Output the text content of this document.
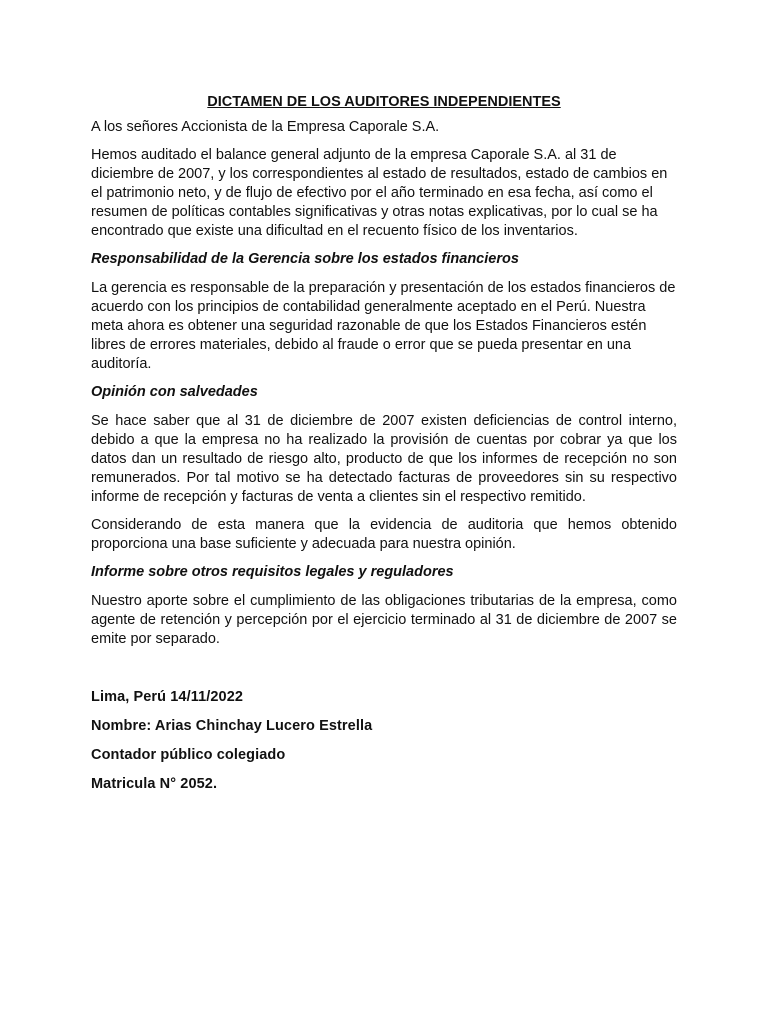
DICTAMEN DE LOS AUDITORES INDEPENDIENTES

A los señores Accionista de la Empresa Caporale S.A.

Hemos auditado el balance general adjunto de la empresa Caporale S.A. al 31 de diciembre de 2007, y los correspondientes al estado de resultados, estado de cambios en el patrimonio neto, y de flujo de efectivo por el año terminado en esa fecha, así como el resumen de políticas contables significativas y otras notas explicativas, por lo cual se ha encontrado que existe una dificultad en el recuento físico de los inventarios.

Responsabilidad de la Gerencia sobre los estados financieros

La gerencia es responsable de la preparación y presentación de los estados financieros de acuerdo con los principios de contabilidad generalmente aceptado en el Perú. Nuestra meta ahora es obtener una seguridad razonable de que los Estados Financieros estén libres de errores materiales, debido al fraude o error que se pueda presentar en una auditoría.

Opinión con salvedades

Se hace saber que al 31 de diciembre de 2007 existen deficiencias de control interno, debido a que la empresa no ha realizado la provisión de cuentas por cobrar ya que los datos dan un resultado de riesgo alto, producto de que los informes de recepción no son remunerados. Por tal motivo se ha detectado facturas de proveedores sin su respectivo informe de recepción y facturas de venta a clientes sin el respectivo remitido.

Considerando de esta manera que la evidencia de auditoria que hemos obtenido proporciona una base suficiente y adecuada para nuestra opinión.

Informe sobre otros requisitos legales y reguladores

Nuestro aporte sobre el cumplimiento de las obligaciones tributarias de la empresa, como agente de retención y percepción por el ejercicio terminado al 31 de diciembre de 2007 se emite por separado.

Lima, Perú 14/11/2022
Nombre: Arias Chinchay Lucero Estrella
Contador público colegiado
Matricula N° 2052.
